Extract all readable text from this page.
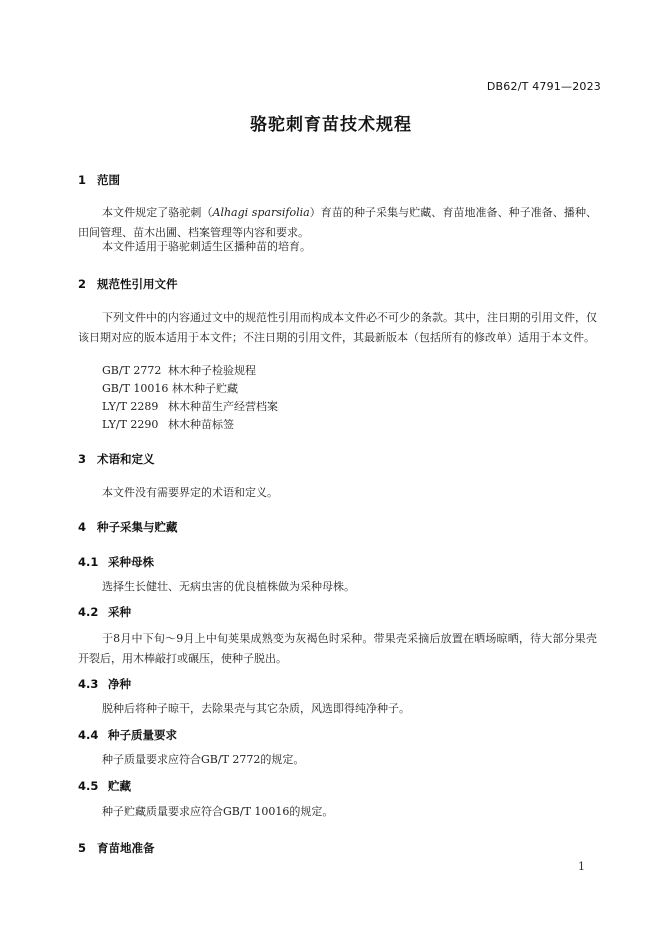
DB62/T 4791—2023
骆驼刺育苗技术规程
1 范围
本文件规定了骆驼刺（Alhagi sparsifolia）育苗的种子采集与贮藏、育苗地准备、种子准备、播种、田间管理、苗木出圃、档案管理等内容和要求。
本文件适用于骆驼刺适生区播种苗的培育。
2 规范性引用文件
下列文件中的内容通过文中的规范性引用而构成本文件必不可少的条款。其中，注日期的引用文件，仅该日期对应的版本适用于本文件；不注日期的引用文件，其最新版本（包括所有的修改单）适用于本文件。
GB/T 2772 林木种子检验规程
GB/T 10016 林木种子贮藏
LY/T 2289 林木种苗生产经营档案
LY/T 2290 林木种苗标签
3 术语和定义
本文件没有需要界定的术语和定义。
4 种子采集与贮藏
4.1 采种母株
选择生长健壮、无病虫害的优良植株做为采种母株。
4.2 采种
于8月中下旬～9月上中旬荚果成熟变为灰褐色时采种。带果壳采摘后放置在晒场晾晒，待大部分果壳开裂后，用木棒敲打或碾压，使种子脱出。
4.3 净种
脱种后将种子晾干，去除果壳与其它杂质，风选即得纯净种子。
4.4 种子质量要求
种子质量要求应符合GB/T 2772的规定。
4.5 贮藏
种子贮藏质量要求应符合GB/T 10016的规定。
5 育苗地准备
1
